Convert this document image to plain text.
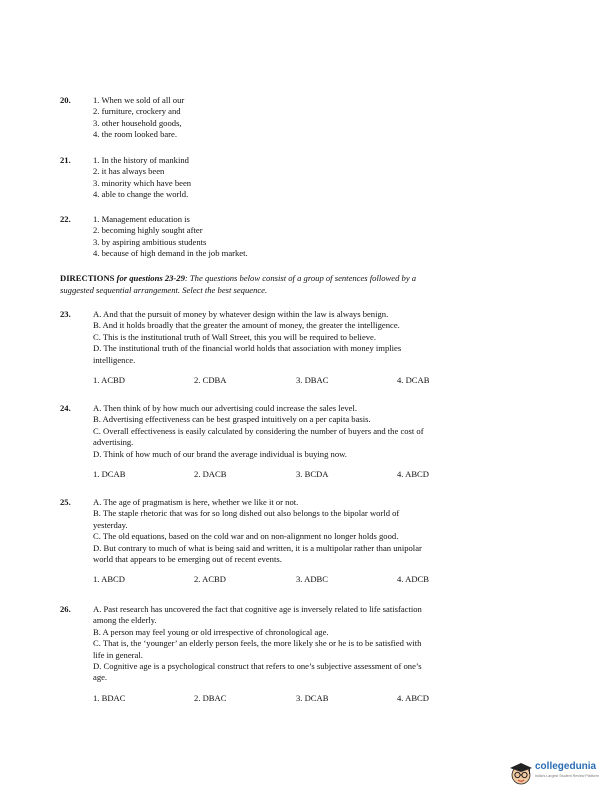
20.	1. When we sold of all our
2. furniture, crockery and
3. other household goods,
4. the room looked bare.
21.	1. In the history of mankind
2. it has always been
3. minority which have been
4. able to change the world.
22.	1. Management education is
2. becoming highly sought after
3. by aspiring ambitious students
4. because of high demand in the job market.
DIRECTIONS for questions 23-29: The questions below consist of a group of sentences followed by a
suggested sequential arrangement. Select the best sequence.
23.	A. And that the pursuit of money by whatever design within the law is always benign.
B. And it holds broadly that the greater the amount of money, the greater the intelligence.
C. This is the institutional truth of Wall Street, this you will be required to believe.
D. The institutional truth of the financial world holds that association with money implies
intelligence.
1. ACBD	2. CDBA	3. DBAC	4. DCAB
24.	A. Then think of by how much our advertising could increase the sales level.
B. Advertising effectiveness can be best grasped intuitively on a per capita basis.
C. Overall effectiveness is easily calculated by considering the number of buyers and the cost of
advertising.
D. Think of how much of our brand the average individual is buying now.
1. DCAB	2. DACB	3. BCDA	4. ABCD
25.	A. The age of pragmatism is here, whether we like it or not.
B. The staple rhetoric that was for so long dished out also belongs to the bipolar world of
yesterday.
C. The old equations, based on the cold war and on non-alignment no longer holds good.
D. But contrary to much of what is being said and written, it is a multipolar rather than unipolar
world that appears to be emerging out of recent events.
1. ABCD	2. ACBD	3. ADBC	4. ADCB
26.	A. Past research has uncovered the fact that cognitive age is inversely related to life satisfaction
among the elderly.
B. A person may feel young or old irrespective of chronological age.
C. That is, the ‘younger’ an elderly person feels, the more likely she or he is to be satisfied with
life in general.
D. Cognitive age is a psychological construct that refers to one’s subjective assessment of one’s
age.
1. BDAC	2. DBAC	3. DCAB	4. ABCD
collegedunia
India's Largest Student Review Platform
